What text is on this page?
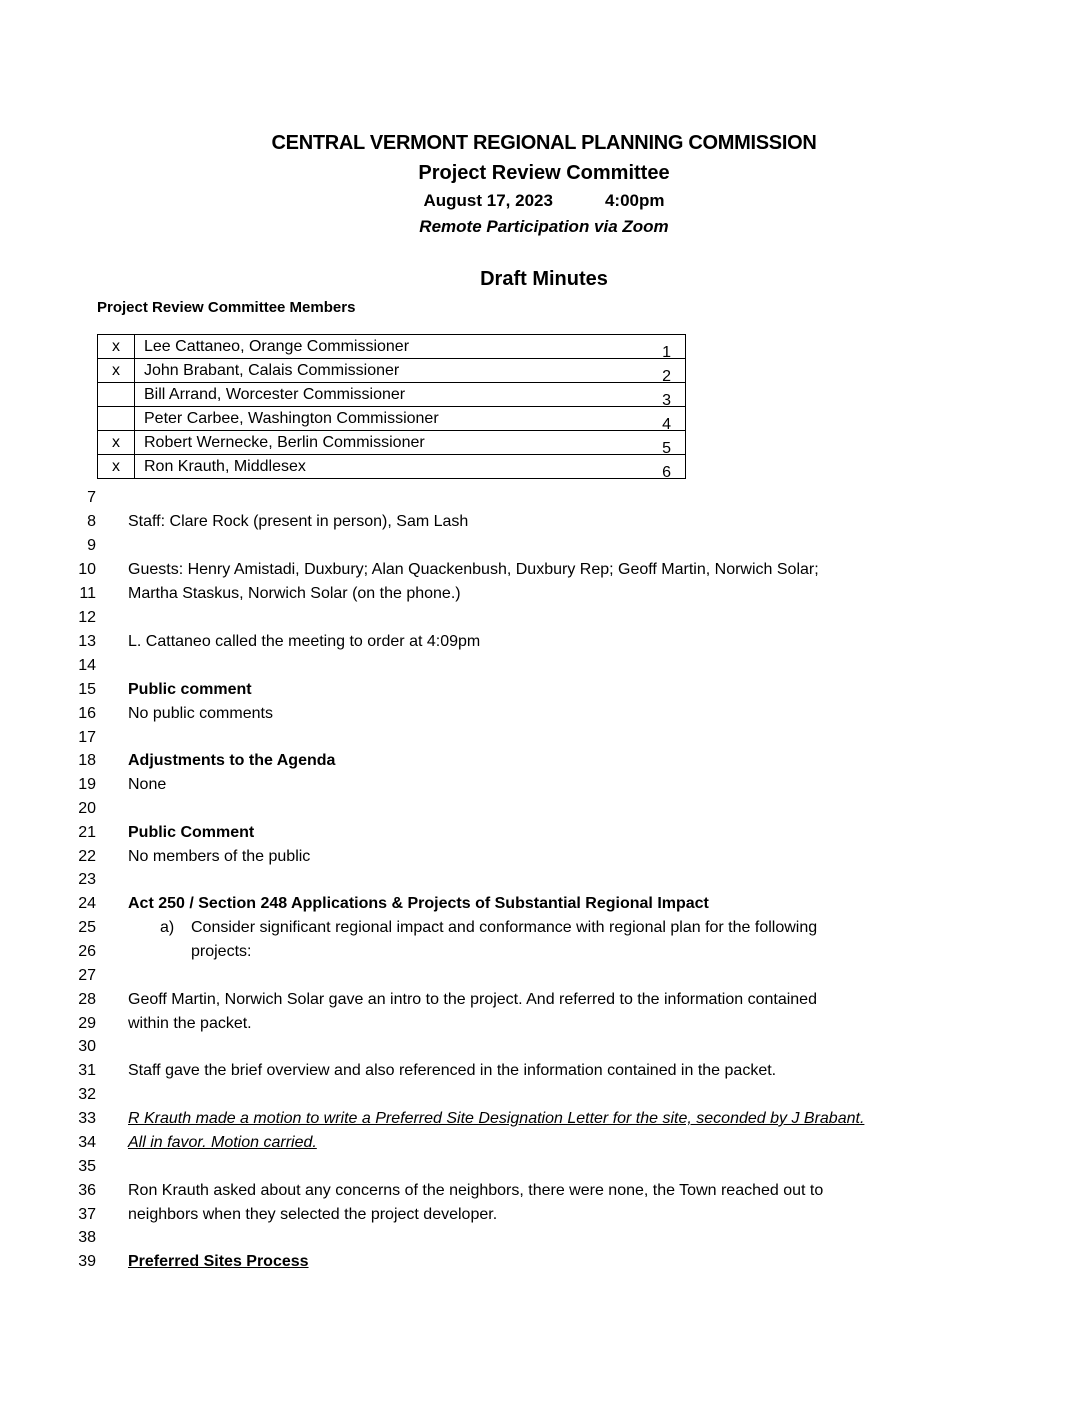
CENTRAL VERMONT REGIONAL PLANNING COMMISSION
Project Review Committee
August 17, 2023	4:00pm
Remote Participation via Zoom
Draft Minutes
Project Review Committee Members
x	Lee Cattaneo, Orange Commissioner 1

x	John Brabant, Calais Commissioner 2

	Bill Arrand, Worcester Commissioner 3

	Peter Carbee, Washington Commissioner 4

x	Robert Wernecke, Berlin Commissioner 5

x	Ron Krauth, Middlesex 6
7
8 Staff: Clare Rock (present in person), Sam Lash
9
10 Guests: Henry Amistadi, Duxbury; Alan Quackenbush, Duxbury Rep; Geoff Martin, Norwich Solar;
11 Martha Staskus, Norwich Solar (on the phone.)
12
13 L. Cattaneo called the meeting to order at 4:09pm
14
15 Public comment
16 No public comments
17
18 Adjustments to the Agenda
19 None
20
21 Public Comment
22 No members of the public
23
24 Act 250 / Section 248 Applications & Projects of Substantial Regional Impact
25	a) Consider significant regional impact and conformance with regional plan for the following
26	projects:
27
28 Geoff Martin, Norwich Solar gave an intro to the project. And referred to the information contained
29 within the packet.
30
31 Staff gave the brief overview and also referenced in the information contained in the packet.
32
33 R Krauth made a motion to write a Preferred Site Designation Letter for the site, seconded by J Brabant.
34 All in favor. Motion carried.
35
36 Ron Krauth asked about any concerns of the neighbors, there were none, the Town reached out to
37 neighbors when they selected the project developer.
38
39 Preferred Sites Process
